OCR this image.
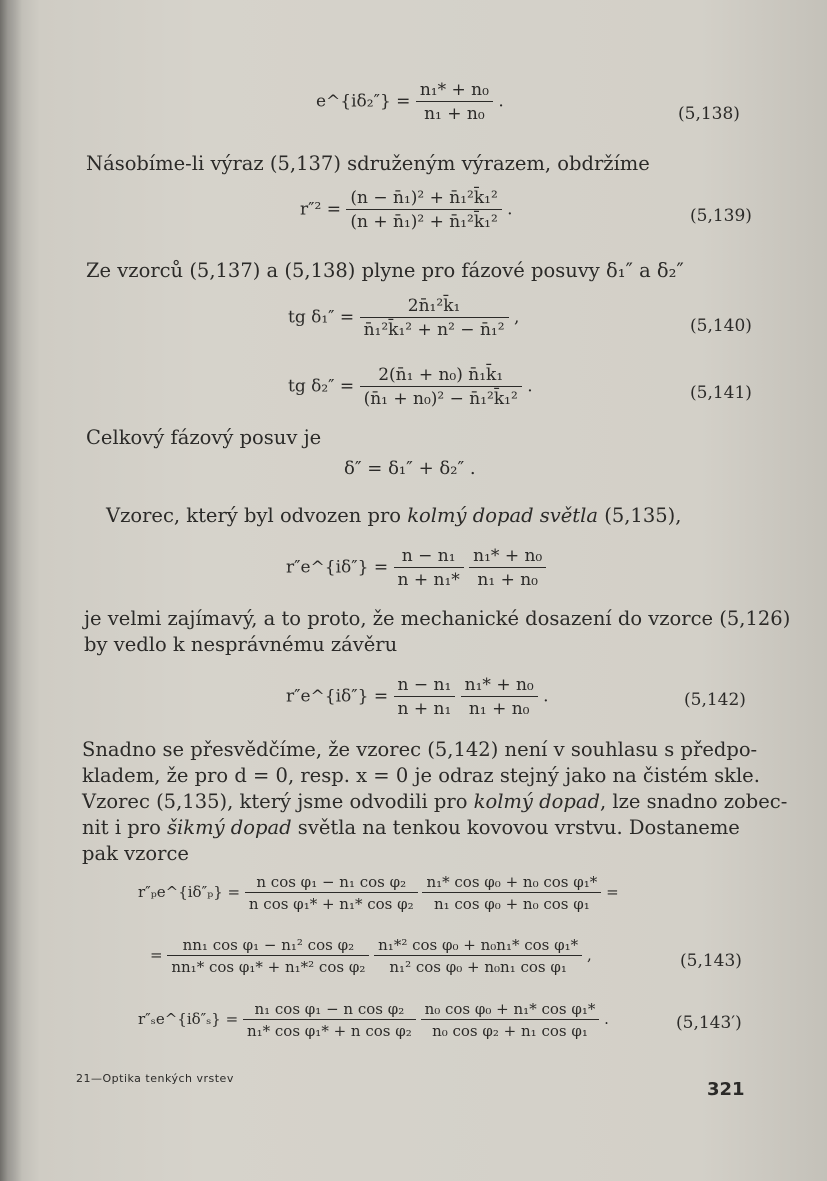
e^{iδ₂″} = $\frac{\text{n₁* + n₀}}{\text{n₁ + n₀}}$ .
(5,138)
Násobíme-li výraz (5,137) sdruženým výrazem, obdržíme
$r''^2 = \frac{\text{(n − n̄₁)² + n̄₁²k̄₁²}}{\text{(n + n̄₁)² + n̄₁²k̄₁²}}$ .	(5,139)
Ze vzorců (5,137) a (5,138) plyne pro fázové posuvy δ₁″ a δ₂″
tg $\delta_1'' = \frac{\text{2n̄₁²k̄₁}}{\text{n̄₁²k̄₁² + n² − n̄₁²}}$ ,	(5,140)
tg $\delta_2'' = \frac{\text{2(n̄₁ + n₀) n̄₁k̄₁}}{\text{(n̄₁ + n₀)² − n̄₁²k̄₁²}}$ .	(5,141)
Celkový fázový posuv je
δ″ = δ₁″ + δ₂″ .
Vzorec, který byl odvozen pro kolmý dopad světla (5,135),
r″e^{iδ″} = $\frac{\text{n − n₁}}{\text{n + n₁*}}$
$\frac{\text{n₁* + n₀}}{\text{n₁ + n₀}}$
je velmi zajímavý, a to proto, že mechanické dosazení do vzorce (5,126)
by vedlo k nesprávnému závěru
r″e^{iδ″} = $\frac{\text{n − n₁}}{\text{n + n₁}}$
$\frac{\text{n₁* + n₀}}{\text{n₁ + n₀}}$ .	(5,142)
Snadno se přesvědčíme, že vzorec (5,142) není v souhlasu s předpo-
kladem, že pro d = 0, resp. x = 0 je odraz stejný jako na čistém skle.
Vzorec (5,135), který jsme odvodili pro kolmý dopad, lze snadno zobec-
nit i pro šikmý dopad světla na tenkou kovovou vrstvu. Dostaneme
pak vzorce
r″ₚe^{iδ″ₚ} = $\frac{\text{n cos φ₁ − n₁ cos φ₂}}{\text{n cos φ₁* + n₁* cos φ₂}}$
$\frac{\text{n₁* cos φ₀ + n₀ cos φ₁*}}{\text{n₁ cos φ₀ + n₀ cos φ₁}}$ =
= $\frac{\text{nn₁ cos φ₁ − n₁² cos φ₂}}{\text{nn₁* cos φ₁* + n₁*² cos φ₂}}$
$\frac{\text{n₁*² cos φ₀ + n₀n₁* cos φ₁*}}{\text{n₁² cos φ₀ + n₀n₁ cos φ₁}}$ ,	(5,143)
r″ₛe^{iδ″ₛ} = $\frac{\text{n₁ cos φ₁ − n cos φ₂}}{\text{n₁* cos φ₁* + n cos φ₂}}$
$\frac{\text{n₀ cos φ₀ + n₁* cos φ₁*}}{\text{n₀ cos φ₂ + n₁ cos φ₁}}$ .	(5,143′)
21—Optika tenkých vrstev
321
